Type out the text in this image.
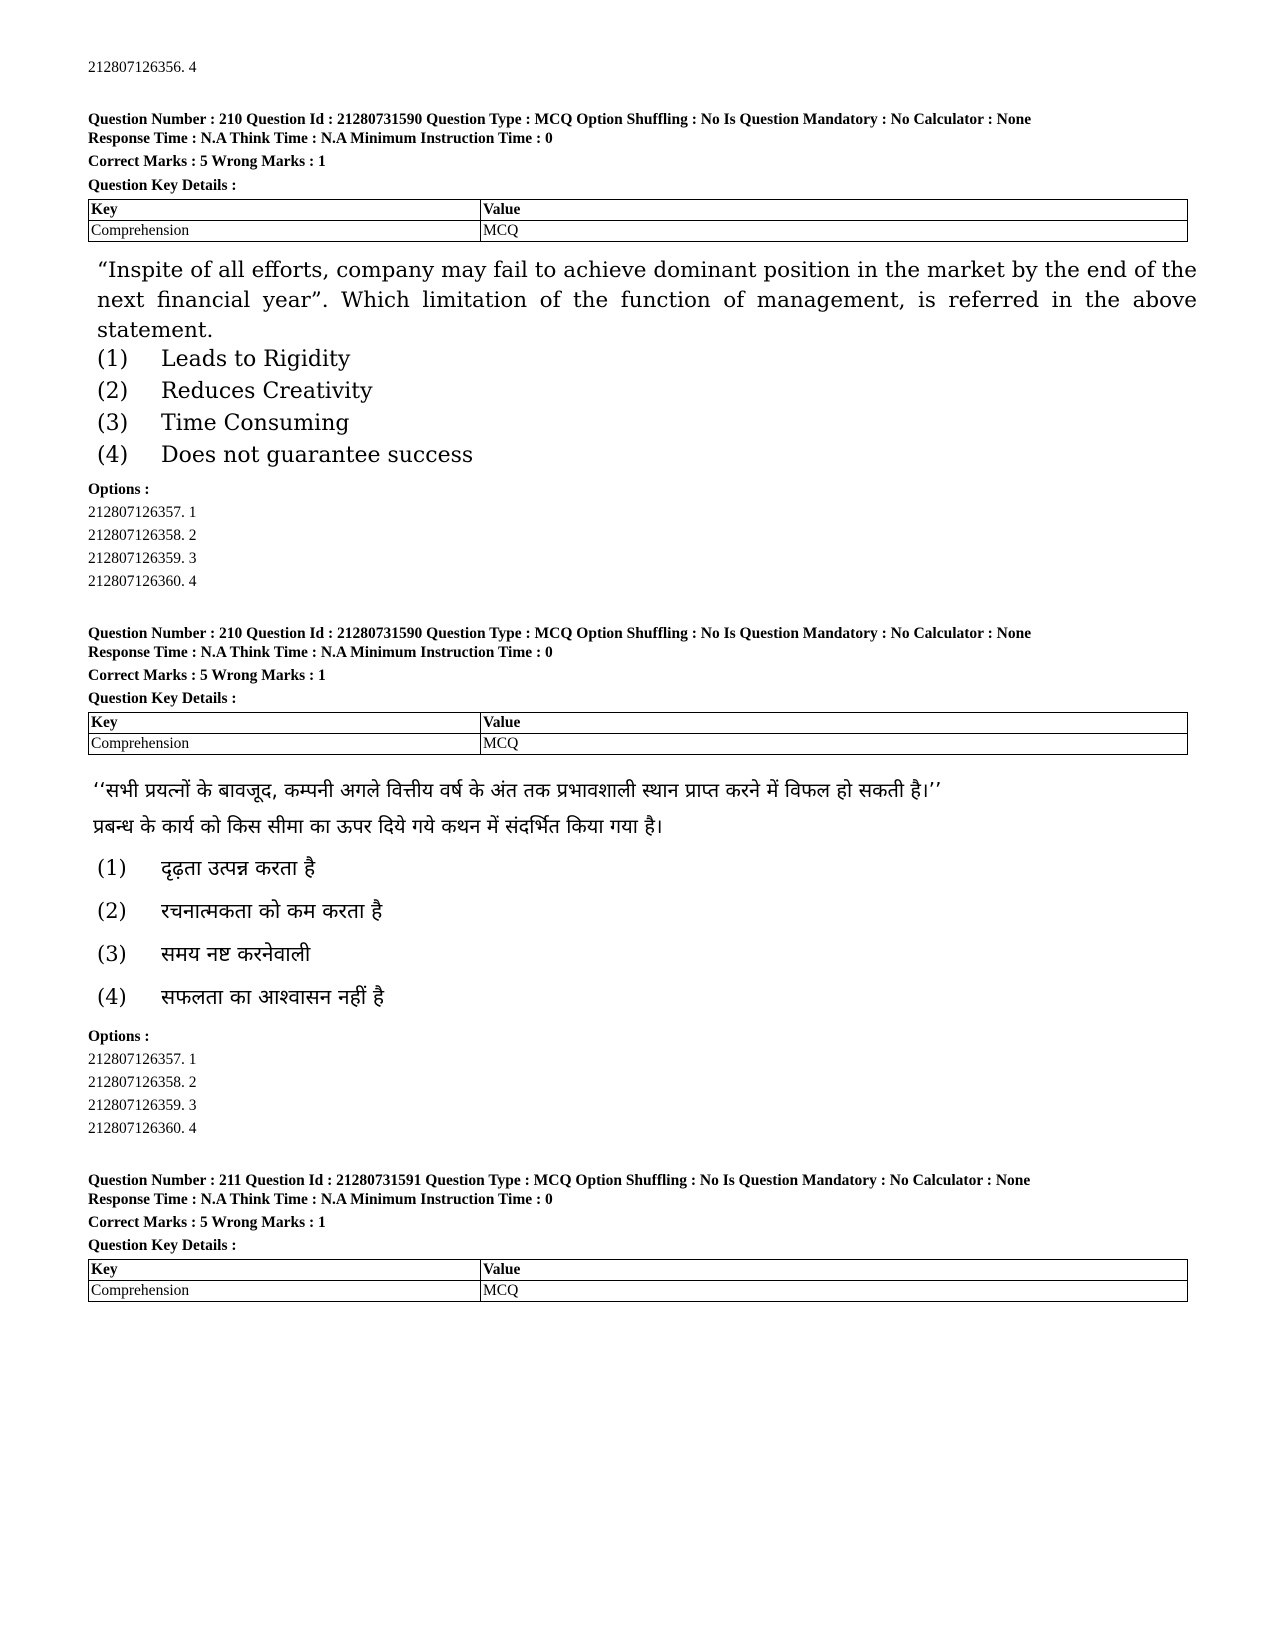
212807126356. 4
Question Number : 210 Question Id : 21280731590 Question Type : MCQ Option Shuffling : No Is Question Mandatory : No Calculator : None
Response Time : N.A Think Time : N.A Minimum Instruction Time : 0
Correct Marks : 5 Wrong Marks : 1
Question Key Details :
Key	Value
Comprehension	MCQ
“Inspite of all efforts, company may fail to achieve dominant position in the market by the end of the next financial year”. Which limitation of the function of management, is referred in the above statement.
(1) Leads to Rigidity
(2) Reduces Creativity
(3) Time Consuming
(4) Does not guarantee success
Options :
212807126357. 1
212807126358. 2
212807126359. 3
212807126360. 4
Question Number : 210 Question Id : 21280731590 Question Type : MCQ Option Shuffling : No Is Question Mandatory : No Calculator : None
Response Time : N.A Think Time : N.A Minimum Instruction Time : 0
Correct Marks : 5 Wrong Marks : 1
Question Key Details :
Key	Value
Comprehension	MCQ
‘‘सभी प्रयत्नों के बावजूद, कम्पनी अगले वित्तीय वर्ष के अंत तक प्रभावशाली स्थान प्राप्त करने में विफल हो सकती है।’’
प्रबन्ध के कार्य को किस सीमा का ऊपर दिये गये कथन में संदर्भित किया गया है।
(1) दृढ़ता उत्पन्न करता है
(2) रचनात्मकता को कम करता है
(3) समय नष्ट करनेवाली
(4) सफलता का आश्वासन नहीं है
Options :
212807126357. 1
212807126358. 2
212807126359. 3
212807126360. 4
Question Number : 211 Question Id : 21280731591 Question Type : MCQ Option Shuffling : No Is Question Mandatory : No Calculator : None
Response Time : N.A Think Time : N.A Minimum Instruction Time : 0
Correct Marks : 5 Wrong Marks : 1
Question Key Details :
Key	Value
Comprehension	MCQ
